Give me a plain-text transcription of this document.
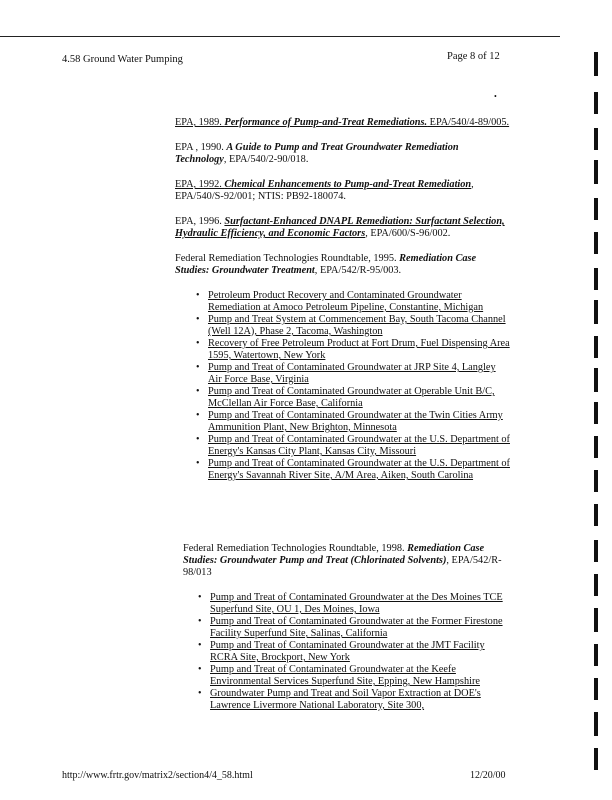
4.58 Ground Water Pumping	Page 8 of 12
•

EPA, 1989. Performance of Pump-and-Treat Remediations. EPA/540/4-89/005.

EPA , 1990. A Guide to Pump and Treat Groundwater Remediation Technology, EPA/540/2-90/018.

EPA, 1992. Chemical Enhancements to Pump-and-Treat Remediation, EPA/540/S-92/001; NTIS: PB92-180074.

EPA, 1996. Surfactant-Enhanced DNAPL Remediation: Surfactant Selection, Hydraulic Efficiency, and Economic Factors, EPA/600/S-96/002.

Federal Remediation Technologies Roundtable, 1995. Remediation Case Studies: Groundwater Treatment, EPA/542/R-95/003.

• Petroleum Product Recovery and Contaminated Groundwater Remediation at Amoco Petroleum Pipeline, Constantine, Michigan
• Pump and Treat System at Commencement Bay, South Tacoma Channel (Well 12A), Phase 2, Tacoma, Washington
• Recovery of Free Petroleum Product at Fort Drum, Fuel Dispensing Area 1595, Watertown, New York
• Pump and Treat of Contaminated Groundwater at JRP Site 4, Langley Air Force Base, Virginia
• Pump and Treat of Contaminated Groundwater at Operable Unit B/C, McClellan Air Force Base, California
• Pump and Treat of Contaminated Groundwater at the Twin Cities Army Ammunition Plant, New Brighton, Minnesota
• Pump and Treat of Contaminated Groundwater at the U.S. Department of Energy's Kansas City Plant, Kansas City, Missouri
• Pump and Treat of Contaminated Groundwater at the U.S. Department of Energy's Savannah River Site, A/M Area, Aiken, South Carolina

Federal Remediation Technologies Roundtable, 1998. Remediation Case Studies: Groundwater Pump and Treat (Chlorinated Solvents), EPA/542/R-98/013

• Pump and Treat of Contaminated Groundwater at the Des Moines TCE Superfund Site, OU 1, Des Moines, Iowa
• Pump and Treat of Contaminated Groundwater at the Former Firestone Facility Superfund Site, Salinas, California
• Pump and Treat of Contaminated Groundwater at the JMT Facility RCRA Site, Brockport, New York
• Pump and Treat of Contaminated Groundwater at the Keefe Environmental Services Superfund Site, Epping, New Hampshire
• Groundwater Pump and Treat and Soil Vapor Extraction at DOE's Lawrence Livermore National Laboratory, Site 300,
http://www.frtr.gov/matrix2/section4/4_58.html	12/20/00
